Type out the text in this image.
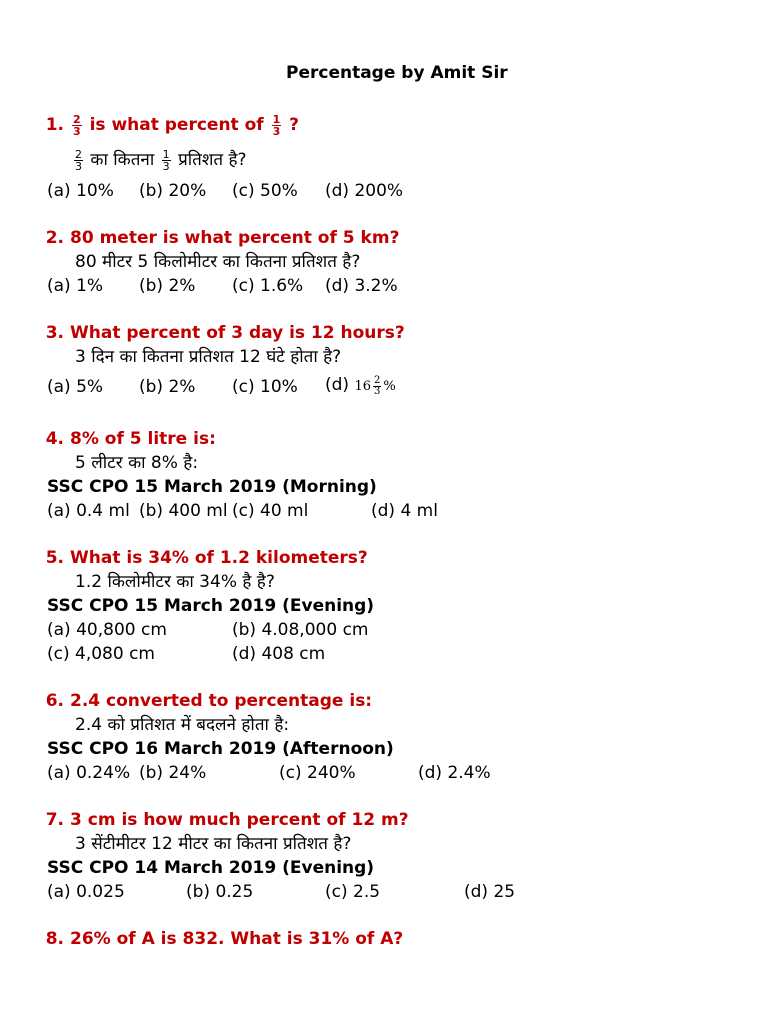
Percentage by Amit Sir
1. $\frac{2}{3}$ is what percent of $\frac{1}{3}$ ?
$\frac{2}{3}$ का कितना $\frac{1}{3}$ प्रतिशत है?
(a) 10% (b) 20% (c) 50% (d) 200%
2. 80 meter is what percent of 5 km?
80 मीटर 5 किलोमीटर का कितना प्रतिशत है?
(a) 1% (b) 2% (c) 1.6% (d) 3.2%
3. What percent of 3 day is 12 hours?
3 दिन का कितना प्रतिशत 12 घंटे होता है?
(a) 5% (b) 2% (c) 10% (d) $16 \frac{2}{3}$ %
4. 8% of 5 litre is:
5 लीटर का 8% है:
SSC CPO 15 March 2019 (Morning)
(a) 0.4 ml (b) 400 ml (c) 40 ml	(d) 4 ml
5. What is 34% of 1.2 kilometers?
1.2 किलोमीटर का 34% है है?
SSC CPO 15 March 2019 (Evening)
(a) 40,800 cm	(b) 4.08,000 cm
(c) 4,080 cm	(d) 408 cm
6. 2.4 converted to percentage is:
2.4 को प्रतिशत में बदलने होता है:
SSC CPO 16 March 2019 (Afternoon)
(a) 0.24% (b) 24%	(c) 240%	(d) 2.4%
7. 3 cm is how much percent of 12 m?
3 सेंटीमीटर 12 मीटर का कितना प्रतिशत है?
SSC CPO 14 March 2019 (Evening)
(a) 0.025	(b) 0.25	(c) 2.5	(d) 25
8. 26% of A is 832. What is 31% of A?
